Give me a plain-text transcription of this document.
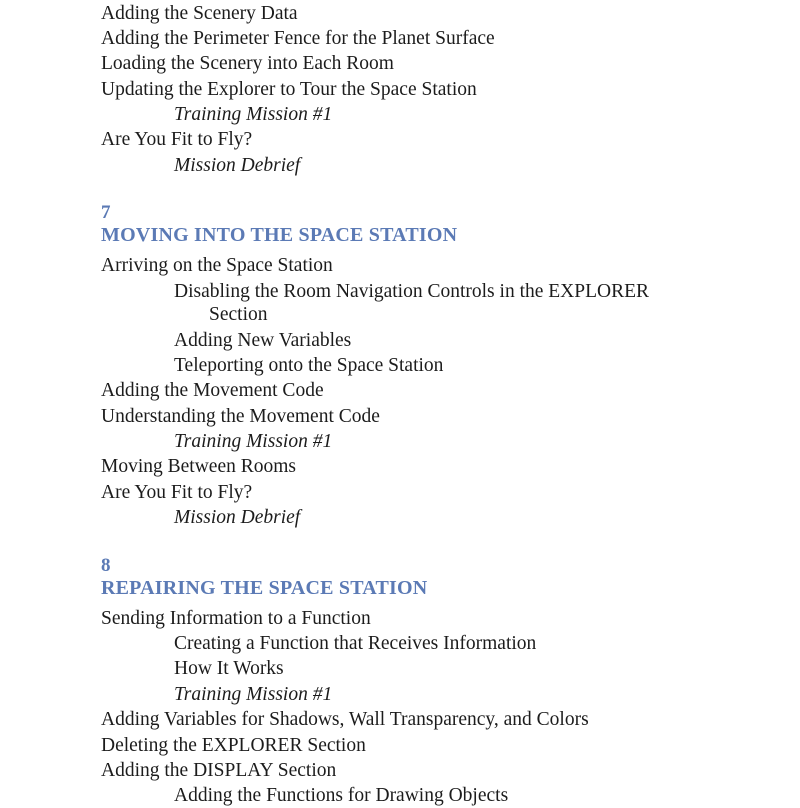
Adding the Scenery Data
Adding the Perimeter Fence for the Planet Surface
Loading the Scenery into Each Room
Updating the Explorer to Tour the Space Station
Training Mission #1
Are You Fit to Fly?
Mission Debrief
7
MOVING INTO THE SPACE STATION
Arriving on the Space Station
Disabling the Room Navigation Controls in the EXPLORER
Section
Adding New Variables
Teleporting onto the Space Station
Adding the Movement Code
Understanding the Movement Code
Training Mission #1
Moving Between Rooms
Are You Fit to Fly?
Mission Debrief
8
REPAIRING THE SPACE STATION
Sending Information to a Function
Creating a Function that Receives Information
How It Works
Training Mission #1
Adding Variables for Shadows, Wall Transparency, and Colors
Deleting the EXPLORER Section
Adding the DISPLAY Section
Adding the Functions for Drawing Objects
